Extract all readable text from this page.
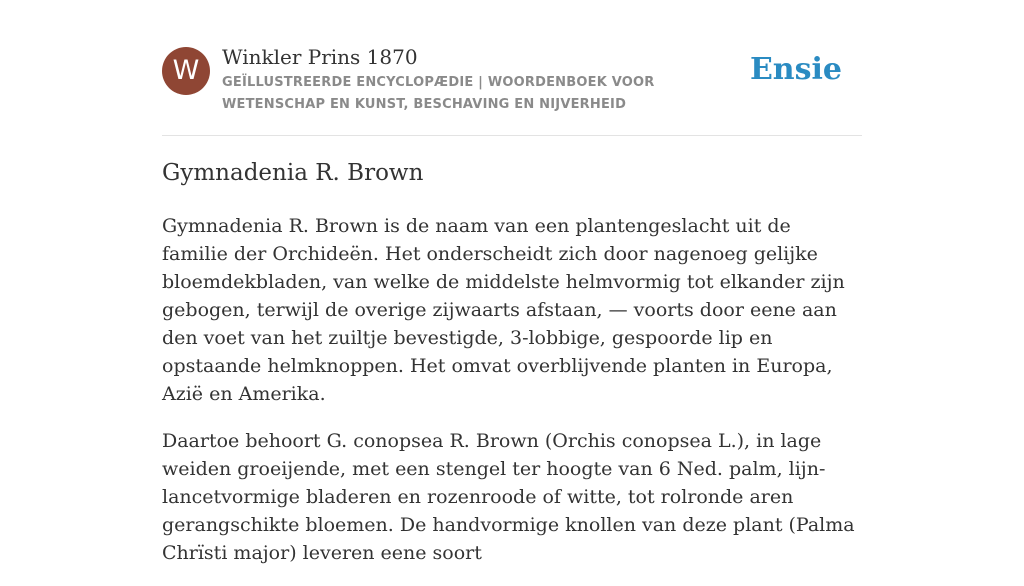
W	Winkler Prins 1870
GEÏLLUSTREERDE ENCYCLOPÆDIE | WOORDENBOEK VOOR WETENSCHAP EN KUNST, BESCHAVING EN NIJVERHEID
Ensie
Gymnadenia R. Brown

Gymnadenia R. Brown is de naam van een plantengeslacht uit de familie der Orchideën. Het onderscheidt zich door nagenoeg gelijke bloemdekbladen, van welke de middelste helmvormig tot elkander zijn gebogen, terwijl de overige zijwaarts afstaan, — voorts door eene aan den voet van het zuiltje bevestigde, 3-lobbige, gespoorde lip en opstaande helmknoppen. Het omvat overblijvende planten in Europa, Azië en Amerika.

Daartoe behoort G. conopsea R. Brown (Orchis conopsea L.), in lage weiden groeijende, met een stengel ter hoogte van 6 Ned. palm, lijn-lancetvormige bladeren en rozenroode of witte, tot rolronde aren gerangschikte bloemen. De handvormige knollen van deze plant (Palma Chrïsti major) leveren eene soort
